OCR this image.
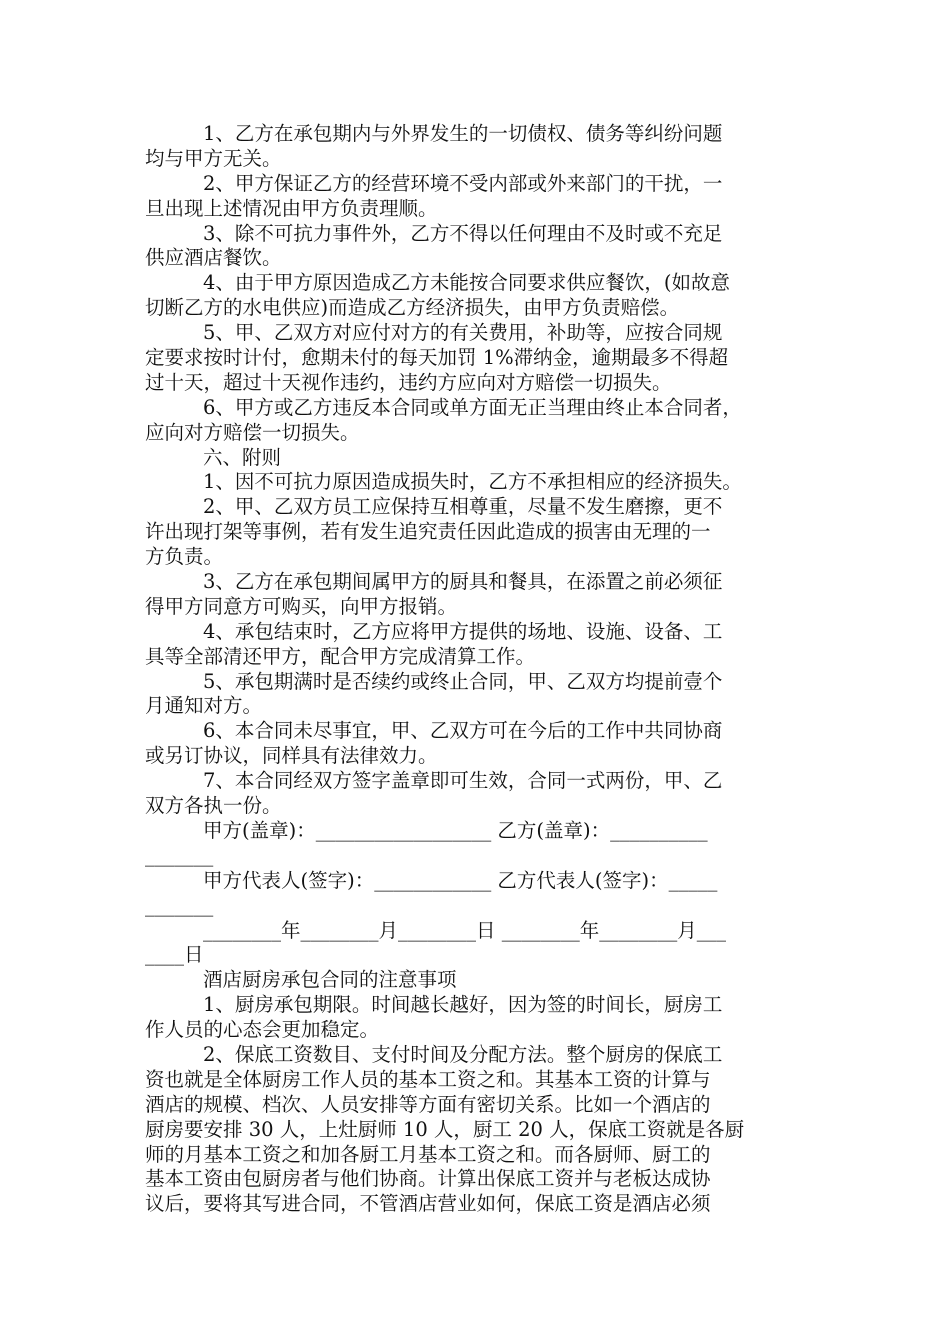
1、乙方在承包期内与外界发生的一切债权、债务等纠纷问题
均与甲方无关。
2、甲方保证乙方的经营环境不受内部或外来部门的干扰，一
旦出现上述情况由甲方负责理顺。
3、除不可抗力事件外，乙方不得以任何理由不及时或不充足
供应酒店餐饮。
4、由于甲方原因造成乙方未能按合同要求供应餐饮，(如故意
切断乙方的水电供应)而造成乙方经济损失，由甲方负责赔偿。
5、甲、乙双方对应付对方的有关费用，补助等，应按合同规
定要求按时计付，愈期未付的每天加罚 1%滞纳金，逾期最多不得超
过十天，超过十天视作违约，违约方应向对方赔偿一切损失。
6、甲方或乙方违反本合同或单方面无正当理由终止本合同者，
应向对方赔偿一切损失。
六、附则
1、因不可抗力原因造成损失时，乙方不承担相应的经济损失。
2、甲、乙双方员工应保持互相尊重，尽量不发生磨擦，更不
许出现打架等事例，若有发生追究责任因此造成的损害由无理的一
方负责。
3、乙方在承包期间属甲方的厨具和餐具，在添置之前必须征
得甲方同意方可购买，向甲方报销。
4、承包结束时，乙方应将甲方提供的场地、设施、设备、工
具等全部清还甲方，配合甲方完成清算工作。
5、承包期满时是否续约或终止合同，甲、乙双方均提前壹个
月通知对方。
6、本合同未尽事宜，甲、乙双方可在今后的工作中共同协商
或另订协议，同样具有法律效力。
7、本合同经双方签字盖章即可生效，合同一式两份，甲、乙
双方各执一份。
甲方(盖章)：__________________ 乙方(盖章)：__________
_______
甲方代表人(签字)：____________ 乙方代表人(签字)：_____
_______
________年________月________日 ________年________月___
____日
酒店厨房承包合同的注意事项
1、厨房承包期限。时间越长越好，因为签的时间长，厨房工
作人员的心态会更加稳定。
2、保底工资数目、支付时间及分配方法。整个厨房的保底工
资也就是全体厨房工作人员的基本工资之和。其基本工资的计算与
酒店的规模、档次、人员安排等方面有密切关系。比如一个酒店的
厨房要安排 30 人，上灶厨师 10 人，厨工 20 人，保底工资就是各厨
师的月基本工资之和加各厨工月基本工资之和。而各厨师、厨工的
基本工资由包厨房者与他们协商。计算出保底工资并与老板达成协
议后，要将其写进合同，不管酒店营业如何，保底工资是酒店必须
